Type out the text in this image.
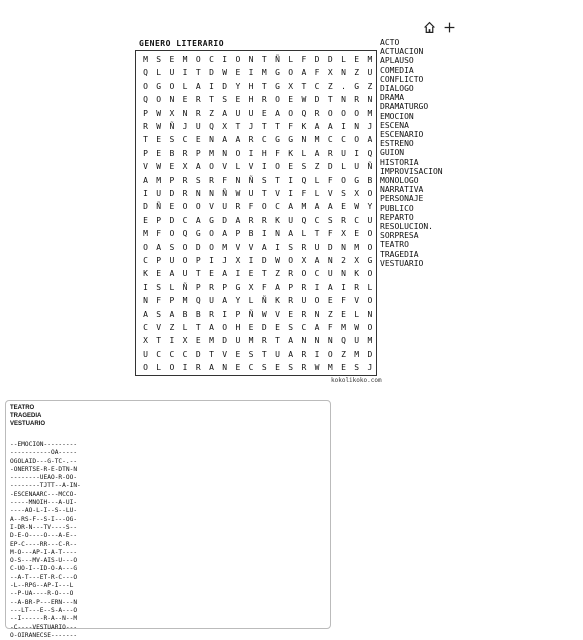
GENERO LITERARIO
M	S	E	M	O	C	I	O	N	T	Ñ	L	F	D	D	L	E	M
Q	L	U	I	T	D	W	E	I	M	G	O	A	F	X	N	Z	U
O	G	O	L	A	I	D	Y	H	T	G	X	T	C	Z	.	G	Z
Q	O	N	E	R	T	S	E	H	R	O	E	W	D	T	N	R	N
P	W	X	N	R	Z	A	U	U	E	A	O	Q	R	O	O	O	M
R	W	Ñ	J	U	Q	X	T	J	T	T	F	K	A	A	I	N	J
T	E	S	C	E	N	A	A	R	C	G	G	N	M	C	C	O	A
P	E	B	R	P	M	N	O	I	H	F	K	L	A	R	U	I	Q
V	W	E	X	A	O	V	L	V	I	O	E	S	Z	D	L	U	Ñ
A	M	P	R	S	R	F	N	Ñ	S	T	I	Q	L	F	O	G	B
I	U	D	R	N	N	Ñ	W	U	T	V	I	F	L	V	S	X	O
D	Ñ	E	O	O	V	U	R	F	O	C	A	M	A	A	E	W	Y
E	P	D	C	A	G	D	A	R	R	K	U	Q	C	S	R	C	U
M	F	O	Q	G	O	A	P	B	I	N	A	L	T	F	X	E	O
O	A	S	O	D	O	M	V	V	A	I	S	R	U	D	N	M	O
C	P	U	O	P	I	J	X	I	D	W	O	X	A	N	2	X	G
K	E	A	U	T	E	A	I	E	T	Z	R	O	C	U	N	K	O
I	S	L	Ñ	P	R	P	G	X	F	A	P	R	I	A	I	R	L
N	F	P	M	Q	U	A	Y	L	Ñ	K	R	U	O	E	F	V	O
A	S	A	B	B	R	I	P	Ñ	W	V	E	R	N	Z	E	L	N
C	V	Z	L	T	A	O	H	E	D	E	S	C	A	F	M	W	O
X	T	I	X	E	M	D	U	M	R	T	A	N	N	N	Q	U	M
U	C	C	C	D	T	V	E	S	T	U	A	R	I	O	Z	M	D
O	L	O	I	R	A	N	E	C	S	E	S	R	W	M	E	S	J
kokolikoko.com
ACTO
ACTUACION
APLAUSO
COMEDIA
CONFLICTO
DIALOGO
DRAMA
DRAMATURGO
EMOCION
ESCENA
ESCENARIO
ESTRENO
GUION
HISTORIA
IMPROVISACION
MONOLOGO
NARRATIVA
PERSONAJE
PUBLICO
REPARTO
RESOLUCION.
SORPRESA
TEATRO
TRAGEDIA
VESTUARIO
TEATRO
TRAGEDIA
VESTUARIO
--EMOCION---------
-----------OA-----
OGOLAID---G-TC-.--
-ONERTSE-R-E-DTN-N
--------UEAO-R-OO-
--------TJTT--A-IN-
-ESCENAARC---MCCO-
-----MNOIH---A-UI-
----AO-L-I--S--LU-
A--RS-F--S-I---OG-
I-DR-N---TV----S--
D-E-O----O---A-E--
EP-C----RR---C-R--
M-O---AP-I-A-T----
O-S---MV-AIS-U---O
C-UO-I--ID-O-A---G
--A-T---ET-R-C---O
-L--RPG--AP-I---L
--P-UA----R-O---O
--A-BR-P---ERN---N
---LT---E--S-A---O
--I------R-A--N--M
-C----VESTUARIO---
O-OIRANECSE-------
